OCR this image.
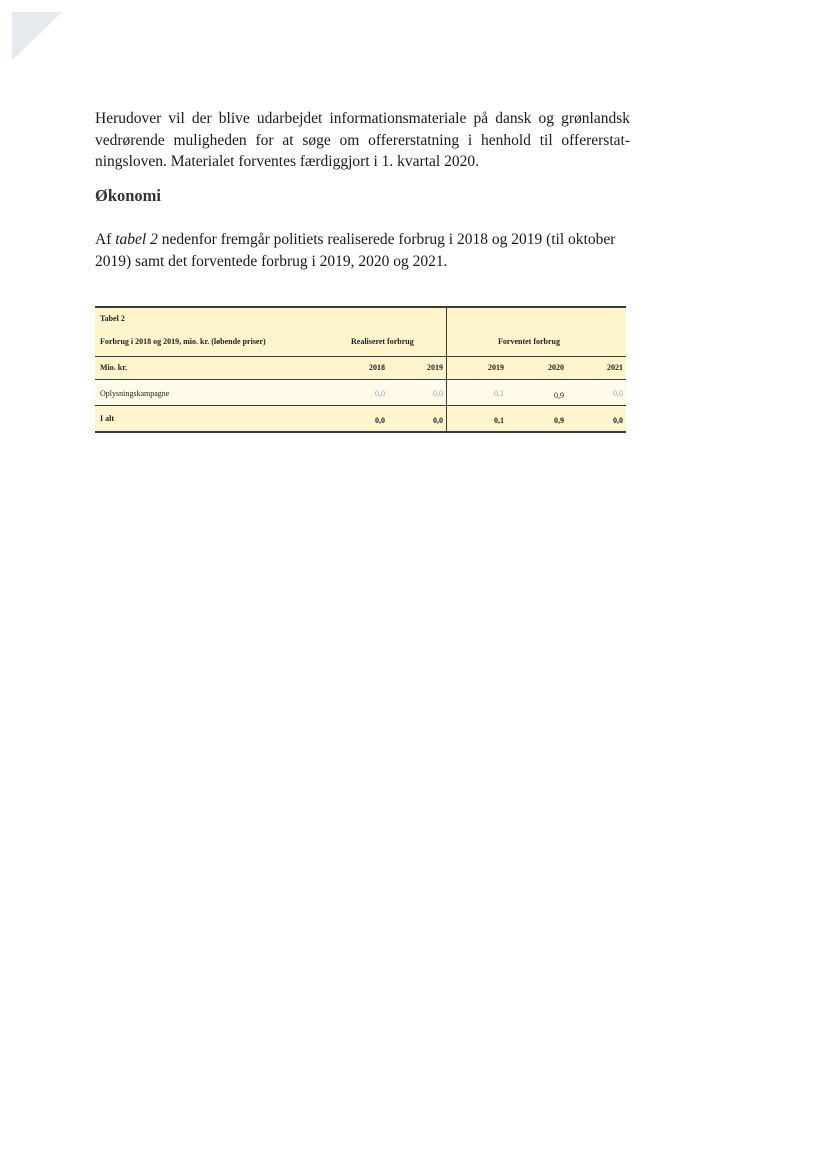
Herudover vil der blive udarbejdet informationsmateriale på dansk og grønlandsk
vedrørende muligheden for at søge om offererstatning i henhold til offererstat-
ningsloven. Materialet forventes færdiggjort i 1. kvartal 2020.

Økonomi

Af tabel 2 nedenfor fremgår politiets realiserede forbrug i 2018 og 2019 (til oktober
2019) samt det forventede forbrug i 2019, 2020 og 2021.

Tabel 2
Forbrug i 2018 og 2019, mio. kr. (løbende priser)	Realiseret forbrug	Forventet forbrug
Mio. kr.	2018	2019	2019	2020	2021
Oplysningskampagne	0,0	0,0	0,1	0,9	0,0
I alt	0,0	0,0	0,1	0,9	0,0
